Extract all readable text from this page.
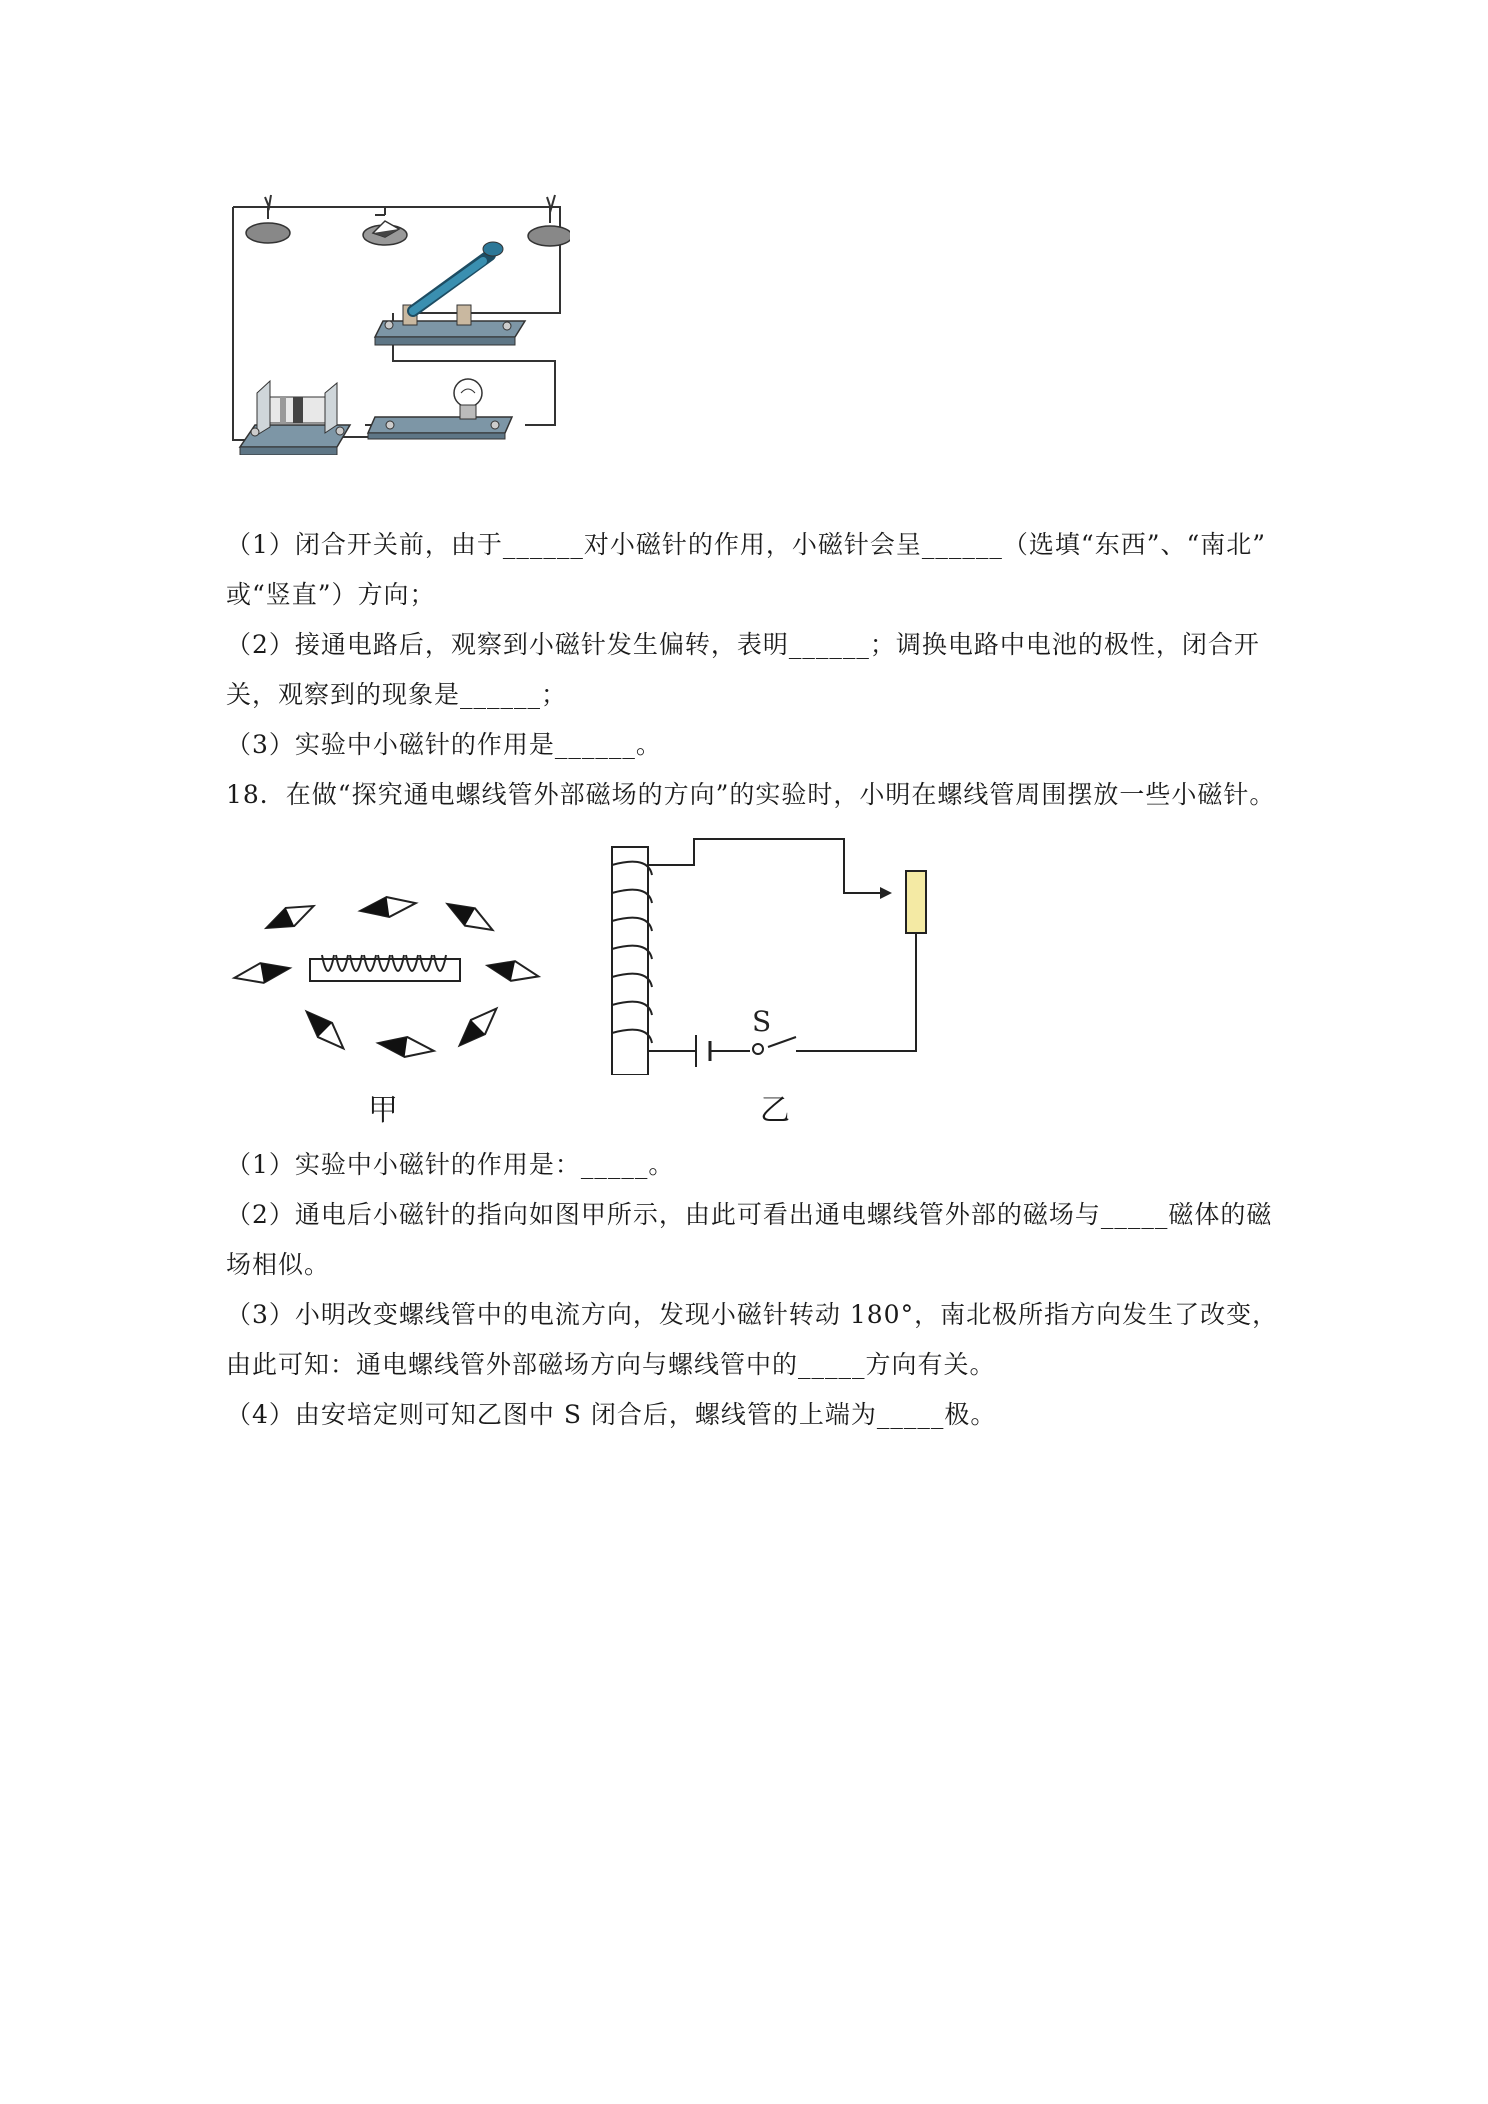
（1）闭合开关前，由于______对小磁针的作用，小磁针会呈______（选填“东西”、“南北”
或“竖直”）方向；
（2）接通电路后，观察到小磁针发生偏转，表明______；调换电路中电池的极性，闭合开
关，观察到的现象是______；
（3）实验中小磁针的作用是______。
18．在做“探究通电螺线管外部磁场的方向”的实验时，小明在螺线管周围摆放一些小磁针。
S
甲	乙
（1）实验中小磁针的作用是：_____。
（2）通电后小磁针的指向如图甲所示，由此可看出通电螺线管外部的磁场与_____磁体的磁
场相似。
（3）小明改变螺线管中的电流方向，发现小磁针转动 180°，南北极所指方向发生了改变，
由此可知：通电螺线管外部磁场方向与螺线管中的_____方向有关。
（4）由安培定则可知乙图中 S 闭合后，螺线管的上端为_____极。
